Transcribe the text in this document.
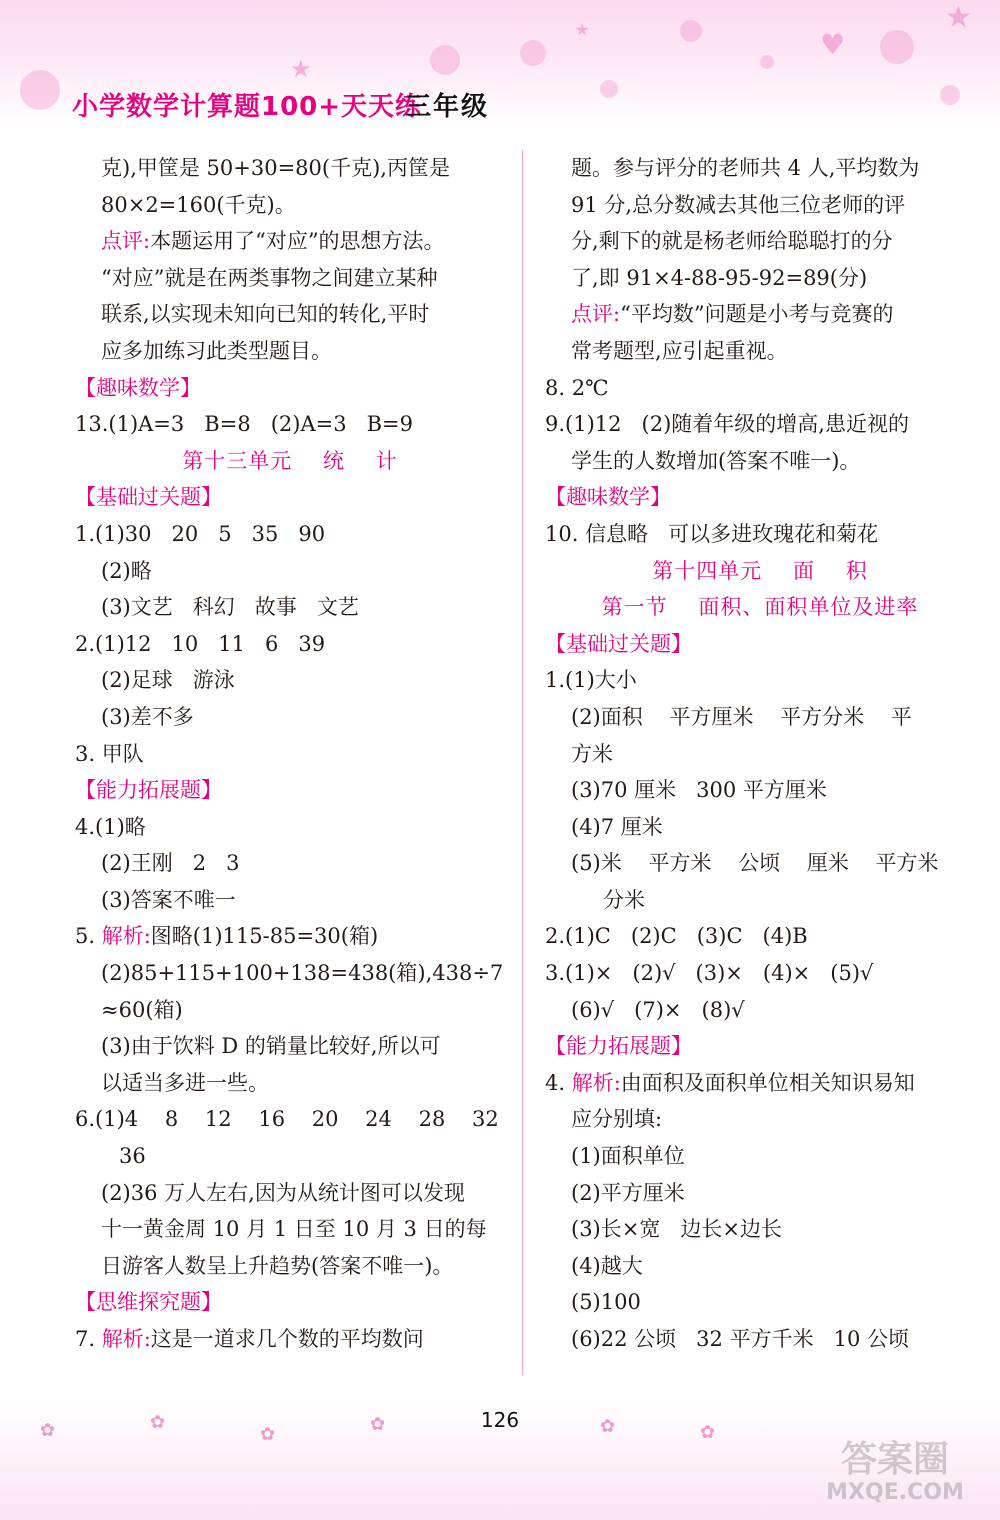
★
★
★	♥
小学数学计算题100+天天练
三年级
克),甲筐是 50+30=80(千克),丙筐是
80×2=160(千克)。
点评:本题运用了“对应”的思想方法。
“对应”就是在两类事物之间建立某种
联系,以实现未知向已知的转化,平时
应多加练习此类型题目。
【趣味数学】
13.(1)A=3   B=8   (2)A=3   B=9
第十三单元    统    计
【基础过关题】
1.(1)30   20   5   35   90
(2)略
(3)文艺   科幻   故事   文艺
2.(1)12   10   11   6   39
(2)足球   游泳
(3)差不多
3. 甲队
【能力拓展题】
4.(1)略
(2)王刚   2   3
(3)答案不唯一
5. 解析:图略(1)115-85=30(箱)
(2)85+115+100+138=438(箱),438÷7
≈60(箱)
(3)由于饮料 D 的销量比较好,所以可
以适当多进一些。
6.(1)4    8    12    16    20    24    28    32
36
(2)36 万人左右,因为从统计图可以发现
十一黄金周 10 月 1 日至 10 月 3 日的每
日游客人数呈上升趋势(答案不唯一)。
【思维探究题】
7. 解析:这是一道求几个数的平均数问
题。参与评分的老师共 4 人,平均数为
91 分,总分数减去其他三位老师的评
分,剩下的就是杨老师给聪聪打的分
了,即 91×4-88-95-92=89(分)
点评:“平均数”问题是小考与竞赛的
常考题型,应引起重视。
8. 2℃
9.(1)12   (2)随着年级的增高,患近视的
学生的人数增加(答案不唯一)。
【趣味数学】
10. 信息略   可以多进玫瑰花和菊花
第十四单元    面    积
第一节    面积、面积单位及进率
【基础过关题】
1.(1)大小
(2)面积    平方厘米    平方分米    平
方米
(3)70 厘米   300 平方厘米
(4)7 厘米
(5)米    平方米    公顷    厘米    平方米
分米
2.(1)C   (2)C   (3)C   (4)B
3.(1)×   (2)√   (3)×   (4)×   (5)√
(6)√   (7)×   (8)√
【能力拓展题】
4. 解析:由面积及面积单位相关知识易知
应分别填:
(1)面积单位
(2)平方厘米
(3)长×宽   边长×边长
(4)越大
(5)100
(6)22 公顷   32 平方千米   10 公顷
✿	✿
✿	✿	✿	✿
126
答案圈
MXQE.COM
